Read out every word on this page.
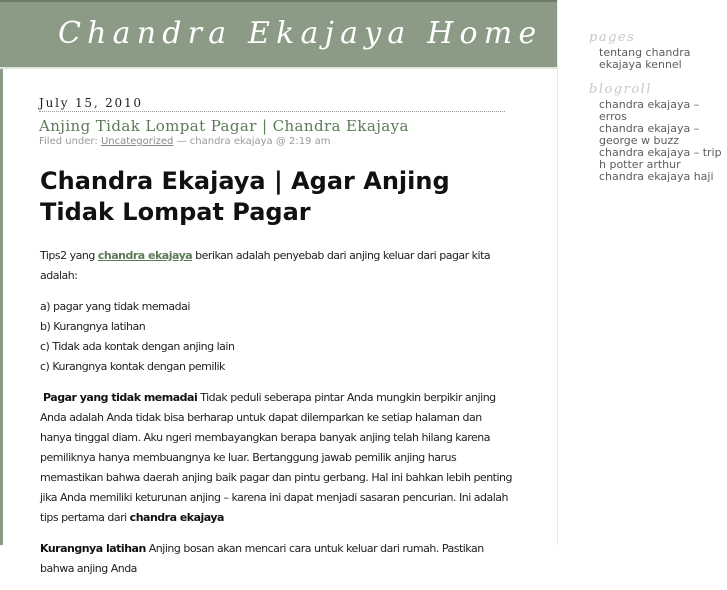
Chandra Ekajaya Home
July 15, 2010
Anjing Tidak Lompat Pagar | Chandra Ekajaya
Filed under: Uncategorized — chandra ekajaya @ 2:19 am
Chandra Ekajaya | Agar Anjing Tidak Lompat Pagar

Tips2 yang chandra ekajaya berikan adalah penyebab dari anjing keluar dari pagar kita adalah:

a) pagar yang tidak memadai
b) Kurangnya latihan
c) Tidak ada kontak dengan anjing lain
c) Kurangnya kontak dengan pemilik

Pagar yang tidak memadai Tidak peduli seberapa pintar Anda mungkin berpikir anjing Anda adalah Anda tidak bisa berharap untuk dapat dilemparkan ke setiap halaman dan hanya tinggal diam. Aku ngeri membayangkan berapa banyak anjing telah hilang karena pemiliknya hanya membuangnya ke luar. Bertanggung jawab pemilik anjing harus memastikan bahwa daerah anjing baik pagar dan pintu gerbang. Hal ini bahkan lebih penting jika Anda memiliki keturunan anjing – karena ini dapat menjadi sasaran pencurian. Ini adalah tips pertama dari chandra ekajaya

Kurangnya latihan Anjing bosan akan mencari cara untuk keluar dari rumah. Pastikan bahwa anjing Anda

pages
tentang chandra ekajaya kennel
blogroll
chandra ekajaya – erros
chandra ekajaya – george w buzz
chandra ekajaya – trip h potter arthur
chandra ekajaya haji
